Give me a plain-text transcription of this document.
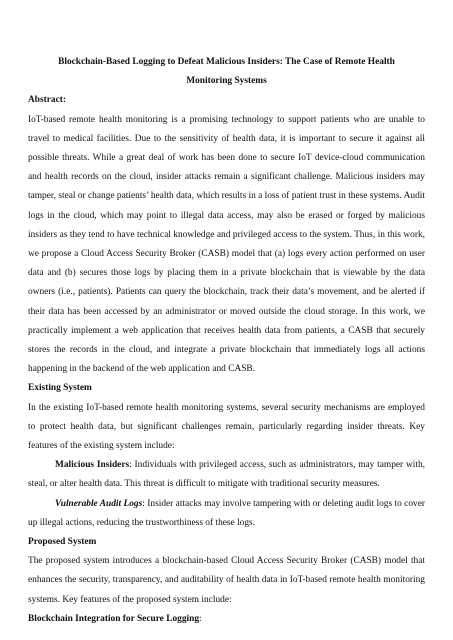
Blockchain-Based Logging to Defeat Malicious Insiders: The Case of Remote Health Monitoring Systems

Abstract:

IoT-based remote health monitoring is a promising technology to support patients who are unable to travel to medical facilities. Due to the sensitivity of health data, it is important to secure it against all possible threats. While a great deal of work has been done to secure IoT device-cloud communication and health records on the cloud, insider attacks remain a significant challenge. Malicious insiders may tamper, steal or change patients’ health data, which results in a loss of patient trust in these systems. Audit logs in the cloud, which may point to illegal data access, may also be erased or forged by malicious insiders as they tend to have technical knowledge and privileged access to the system. Thus, in this work, we propose a Cloud Access Security Broker (CASB) model that (a) logs every action performed on user data and (b) secures those logs by placing them in a private blockchain that is viewable by the data owners (i.e., patients). Patients can query the blockchain, track their data’s movement, and be alerted if their data has been accessed by an administrator or moved outside the cloud storage. In this work, we practically implement a web application that receives health data from patients, a CASB that securely stores the records in the cloud, and integrate a private blockchain that immediately logs all actions happening in the backend of the web application and CASB.

Existing System

In the existing IoT-based remote health monitoring systems, several security mechanisms are employed to protect health data, but significant challenges remain, particularly regarding insider threats. Key features of the existing system include:

Malicious Insiders: Individuals with privileged access, such as administrators, may tamper with, steal, or alter health data. This threat is difficult to mitigate with traditional security measures.

Vulnerable Audit Logs: Insider attacks may involve tampering with or deleting audit logs to cover up illegal actions, reducing the trustworthiness of these logs.

Proposed System

The proposed system introduces a blockchain-based Cloud Access Security Broker (CASB) model that enhances the security, transparency, and auditability of health data in IoT-based remote health monitoring systems. Key features of the proposed system include:

Blockchain Integration for Secure Logging:
